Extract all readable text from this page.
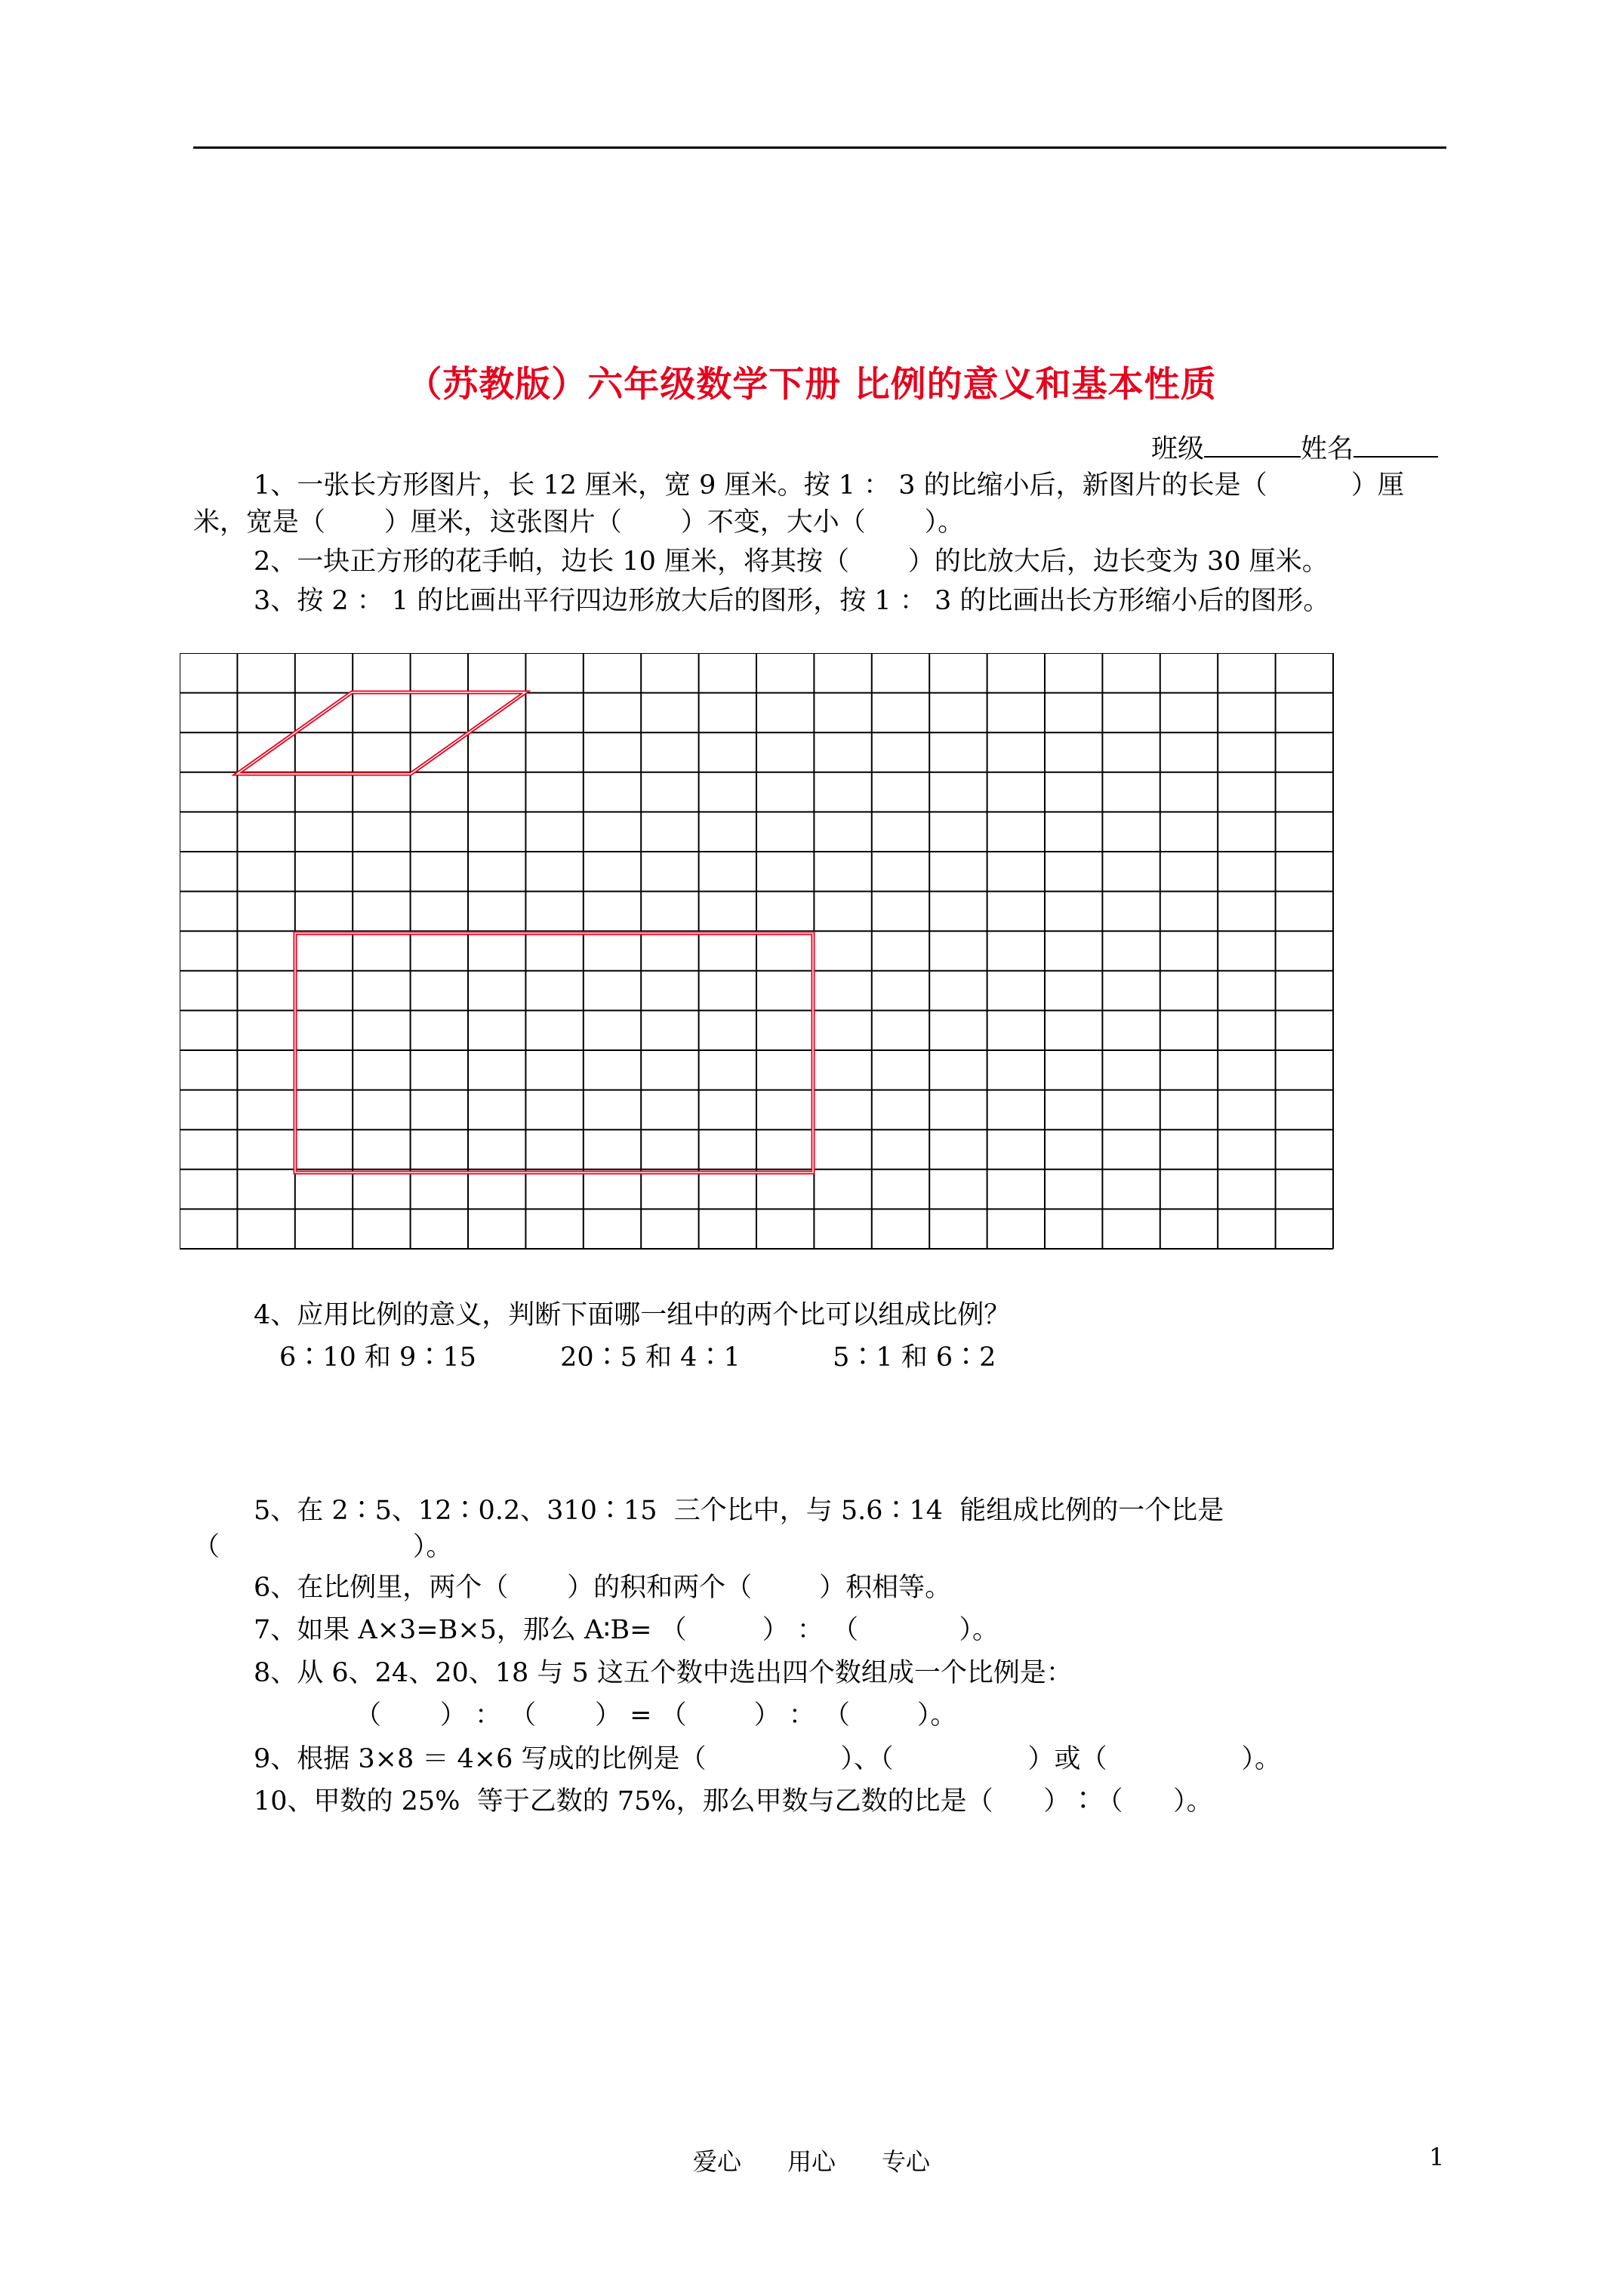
（苏教版）六年级数学下册 比例的意义和基本性质
班级	姓名
1、一张长方形图片，长 12 厘米，宽 9 厘米。按 1 ： 3 的比缩小后，新图片的长是（          ）厘
米，宽是（       ）厘米，这张图片（       ）不变，大小（       ）。
2、一块正方形的花手帕，边长 10 厘米，将其按（       ）的比放大后，边长变为 30 厘米。
3、按 2 ： 1 的比画出平行四边形放大后的图形，按 1 ： 3 的比画出长方形缩小后的图形。
4、应用比例的意义，判断下面哪一组中的两个比可以组成比例？
6∶10 和 9∶15          20∶5 和 4∶1           5∶1 和 6∶2
5、在 2∶5、12∶0.2、310∶15  三个比中，与 5.6∶14  能组成比例的一个比是
（                       ）。
6、在比例里，两个（       ）的积和两个（        ）积相等。
7、如果 A×3=B×5，那么 A∶B= （         ） ： （            ）。
8、从 6、24、20、18 与 5 这五个数中选出四个数组成一个比例是：
（       ） ： （       ） = （        ） ： （        ）。
9、根据 3×8 ＝ 4×6 写成的比例是（                ）、（                ）或（                ）。
10、甲数的 25%  等于乙数的 75%，那么甲数与乙数的比是（      ）∶（      ）。
爱心      用心      专心	1
